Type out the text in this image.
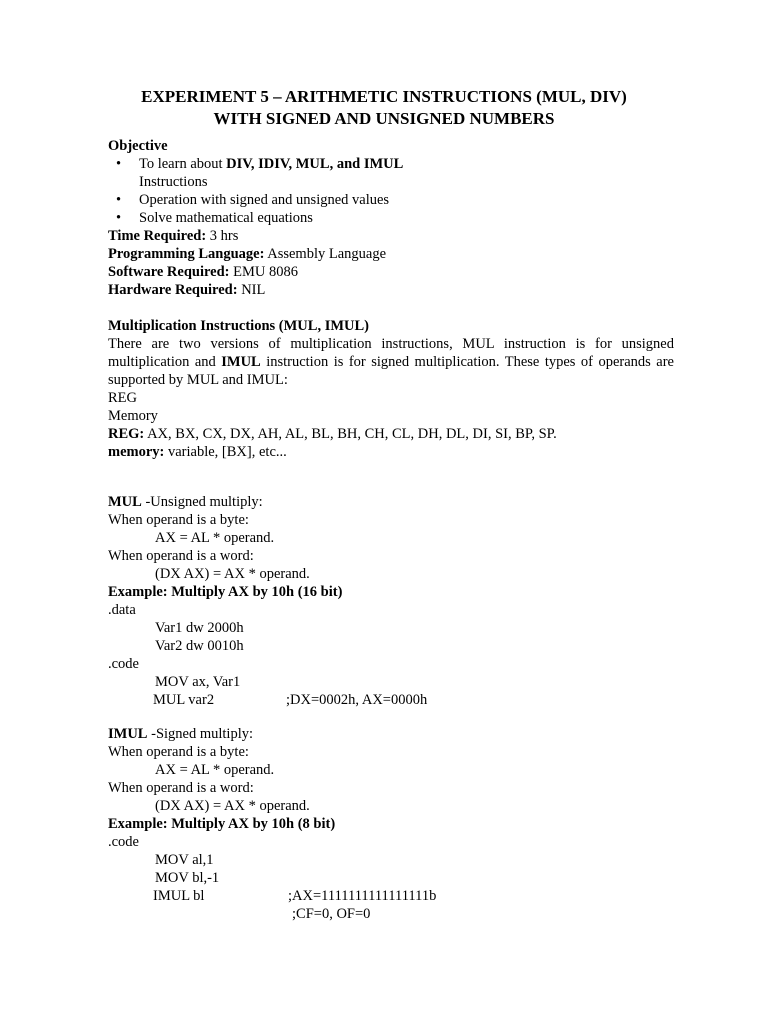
EXPERIMENT 5 – ARITHMETIC INSTRUCTIONS (MUL, DIV)
WITH SIGNED AND UNSIGNED NUMBERS
Objective
• To learn about DIV, IDIV, MUL, and IMUL
Instructions
• Operation with signed and unsigned values
• Solve mathematical equations
Time Required: 3 hrs
Programming Language: Assembly Language
Software Required: EMU 8086
Hardware Required: NIL
Multiplication Instructions (MUL, IMUL)
There are two versions of multiplication instructions, MUL instruction is for unsigned multiplication and IMUL instruction is for signed multiplication. These types of operands are supported by MUL and IMUL:
REG
Memory
REG: AX, BX, CX, DX, AH, AL, BL, BH, CH, CL, DH, DL, DI, SI, BP, SP.
memory: variable, [BX], etc...
MUL -Unsigned multiply:
When operand is a byte:
AX = AL * operand.
When operand is a word:
(DX AX) = AX * operand.
Example: Multiply AX by 10h (16 bit)
.data
Var1 dw 2000h
Var2 dw 0010h
.code
MOV ax, Var1
MUL var2	;DX=0002h, AX=0000h
IMUL -Signed multiply:
When operand is a byte:
AX = AL * operand.
When operand is a word:
(DX AX) = AX * operand.
Example: Multiply AX by 10h (8 bit)
.code
MOV al,1
MOV bl,-1
IMUL bl	;AX=1111111111111111b
;CF=0, OF=0
